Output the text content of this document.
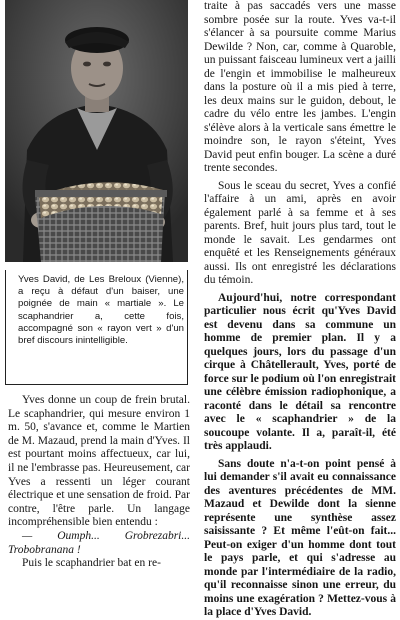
Yves David, de Les Breloux (Vienne), a reçu à défaut d'un baiser, une poignée de main « martiale ». Le scaphandrier a, cette fois, accompagné son « rayon vert » d'un bref discours inintelligible.

Yves donne un coup de frein brutal. Le scaphandrier, qui mesure environ 1 m. 50, s'avance et, comme le Martien de M. Mazaud, prend la main d'Yves. Il est pourtant moins affectueux, car lui, il ne l'embrasse pas. Heureusement, car Yves a ressenti un léger courant électrique et une sensation de froid. Par contre, l'être parle. Un langage incompréhensible bien entendu :

— Oumph... Grobrezabri... Trobobranana !

Puis le scaphandrier bat en re-

traite à pas saccadés vers une masse sombre posée sur la route. Yves va-t-il s'élancer à sa poursuite comme Marius Dewilde ? Non, car, comme à Quaroble, un puissant faisceau lumineux vert a jailli de l'engin et immobilise le malheureux dans la posture où il a mis pied à terre, les deux mains sur le guidon, debout, le cadre du vélo entre les jambes. L'engin s'élève alors à la verticale sans émettre le moindre son, le rayon s'éteint, Yves David peut enfin bouger. La scène a duré trente secondes.

Sous le sceau du secret, Yves a confié l'affaire à un ami, après en avoir également parlé à sa femme et à ses parents. Bref, huit jours plus tard, tout le monde le savait. Les gendarmes ont enquêté et les Renseignements généraux aussi. Ils ont enregistré les déclarations du témoin.

Aujourd'hui, notre correspondant particulier nous écrit qu'Yves David est devenu dans sa commune un homme de premier plan. Il y a quelques jours, lors du passage d'un cirque à Châtellerault, Yves, porté de force sur le podium où l'on enregistrait une célèbre émission radiophonique, a raconté dans le détail sa rencontre avec le « scaphandrier » de la soucoupe volante. Il a, paraît-il, été très applaudi.

Sans doute n'a-t-on point pensé à lui demander s'il avait eu connaissance des aventures précédentes de MM. Mazaud et Dewilde dont la sienne représente une synthèse assez saisissante ? Et même l'eût-on fait... Peut-on exiger d'un homme dont tout le pays parle, et qui s'adresse au monde par l'intermédiaire de la radio, qu'il reconnaisse sinon une erreur, du moins une exagération ? Mettez-vous à la place d'Yves David.
